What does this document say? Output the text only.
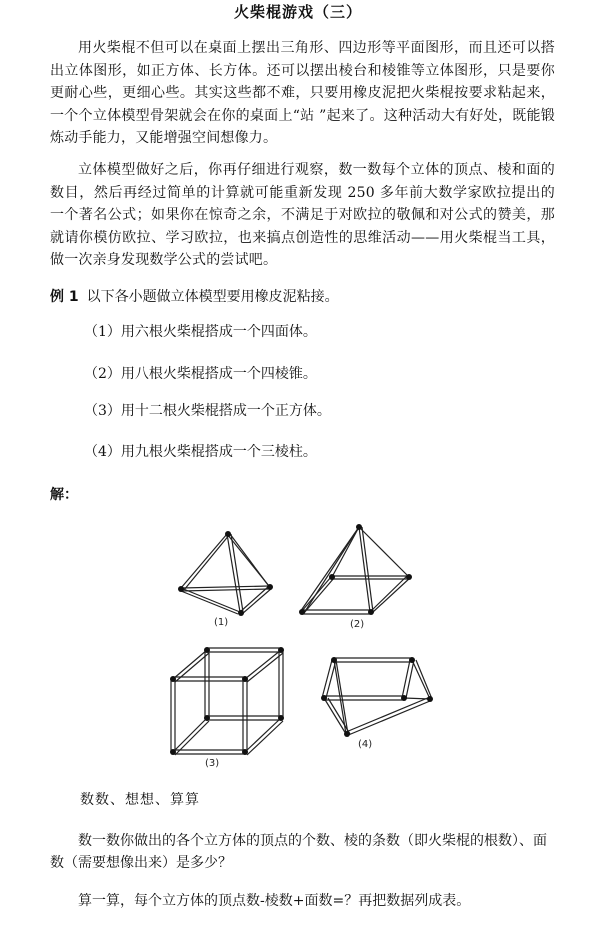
火柴棍游戏（三）

用火柴棍不但可以在桌面上摆出三角形、四边形等平面图形，而且还可以搭出立体图形，如正方体、长方体。还可以摆出棱台和棱锥等立体图形，只是要你更耐心些，更细心些。其实这些都不难，只要用橡皮泥把火柴棍按要求粘起来，一个个立体模型骨架就会在你的桌面上“站 ”起来了。这种活动大有好处，既能锻炼动手能力，又能增强空间想像力。

立体模型做好之后，你再仔细进行观察，数一数每个立体的顶点、棱和面的数目，然后再经过简单的计算就可能重新发现 250 多年前大数学家欧拉提出的一个著名公式；如果你在惊奇之余，不满足于对欧拉的敬佩和对公式的赞美，那就请你模仿欧拉、学习欧拉，也来搞点创造性的思维活动——用火柴棍当工具，做一次亲身发现数学公式的尝试吧。

例 1 以下各小题做立体模型要用橡皮泥粘接。

（1）用六根火柴棍搭成一个四面体。

（2）用八根火柴棍搭成一个四棱锥。

（3）用十二根火柴棍搭成一个正方体。

（4）用九根火柴棍搭成一个三棱柱。

解：

(1)	(2)
(3)
(4)

数数、想想、算算

数一数你做出的各个立方体的顶点的个数、棱的条数（即火柴棍的根数）、面数（需要想像出来）是多少？

算一算，每个立方体的顶点数-棱数+面数=？再把数据列成表。
